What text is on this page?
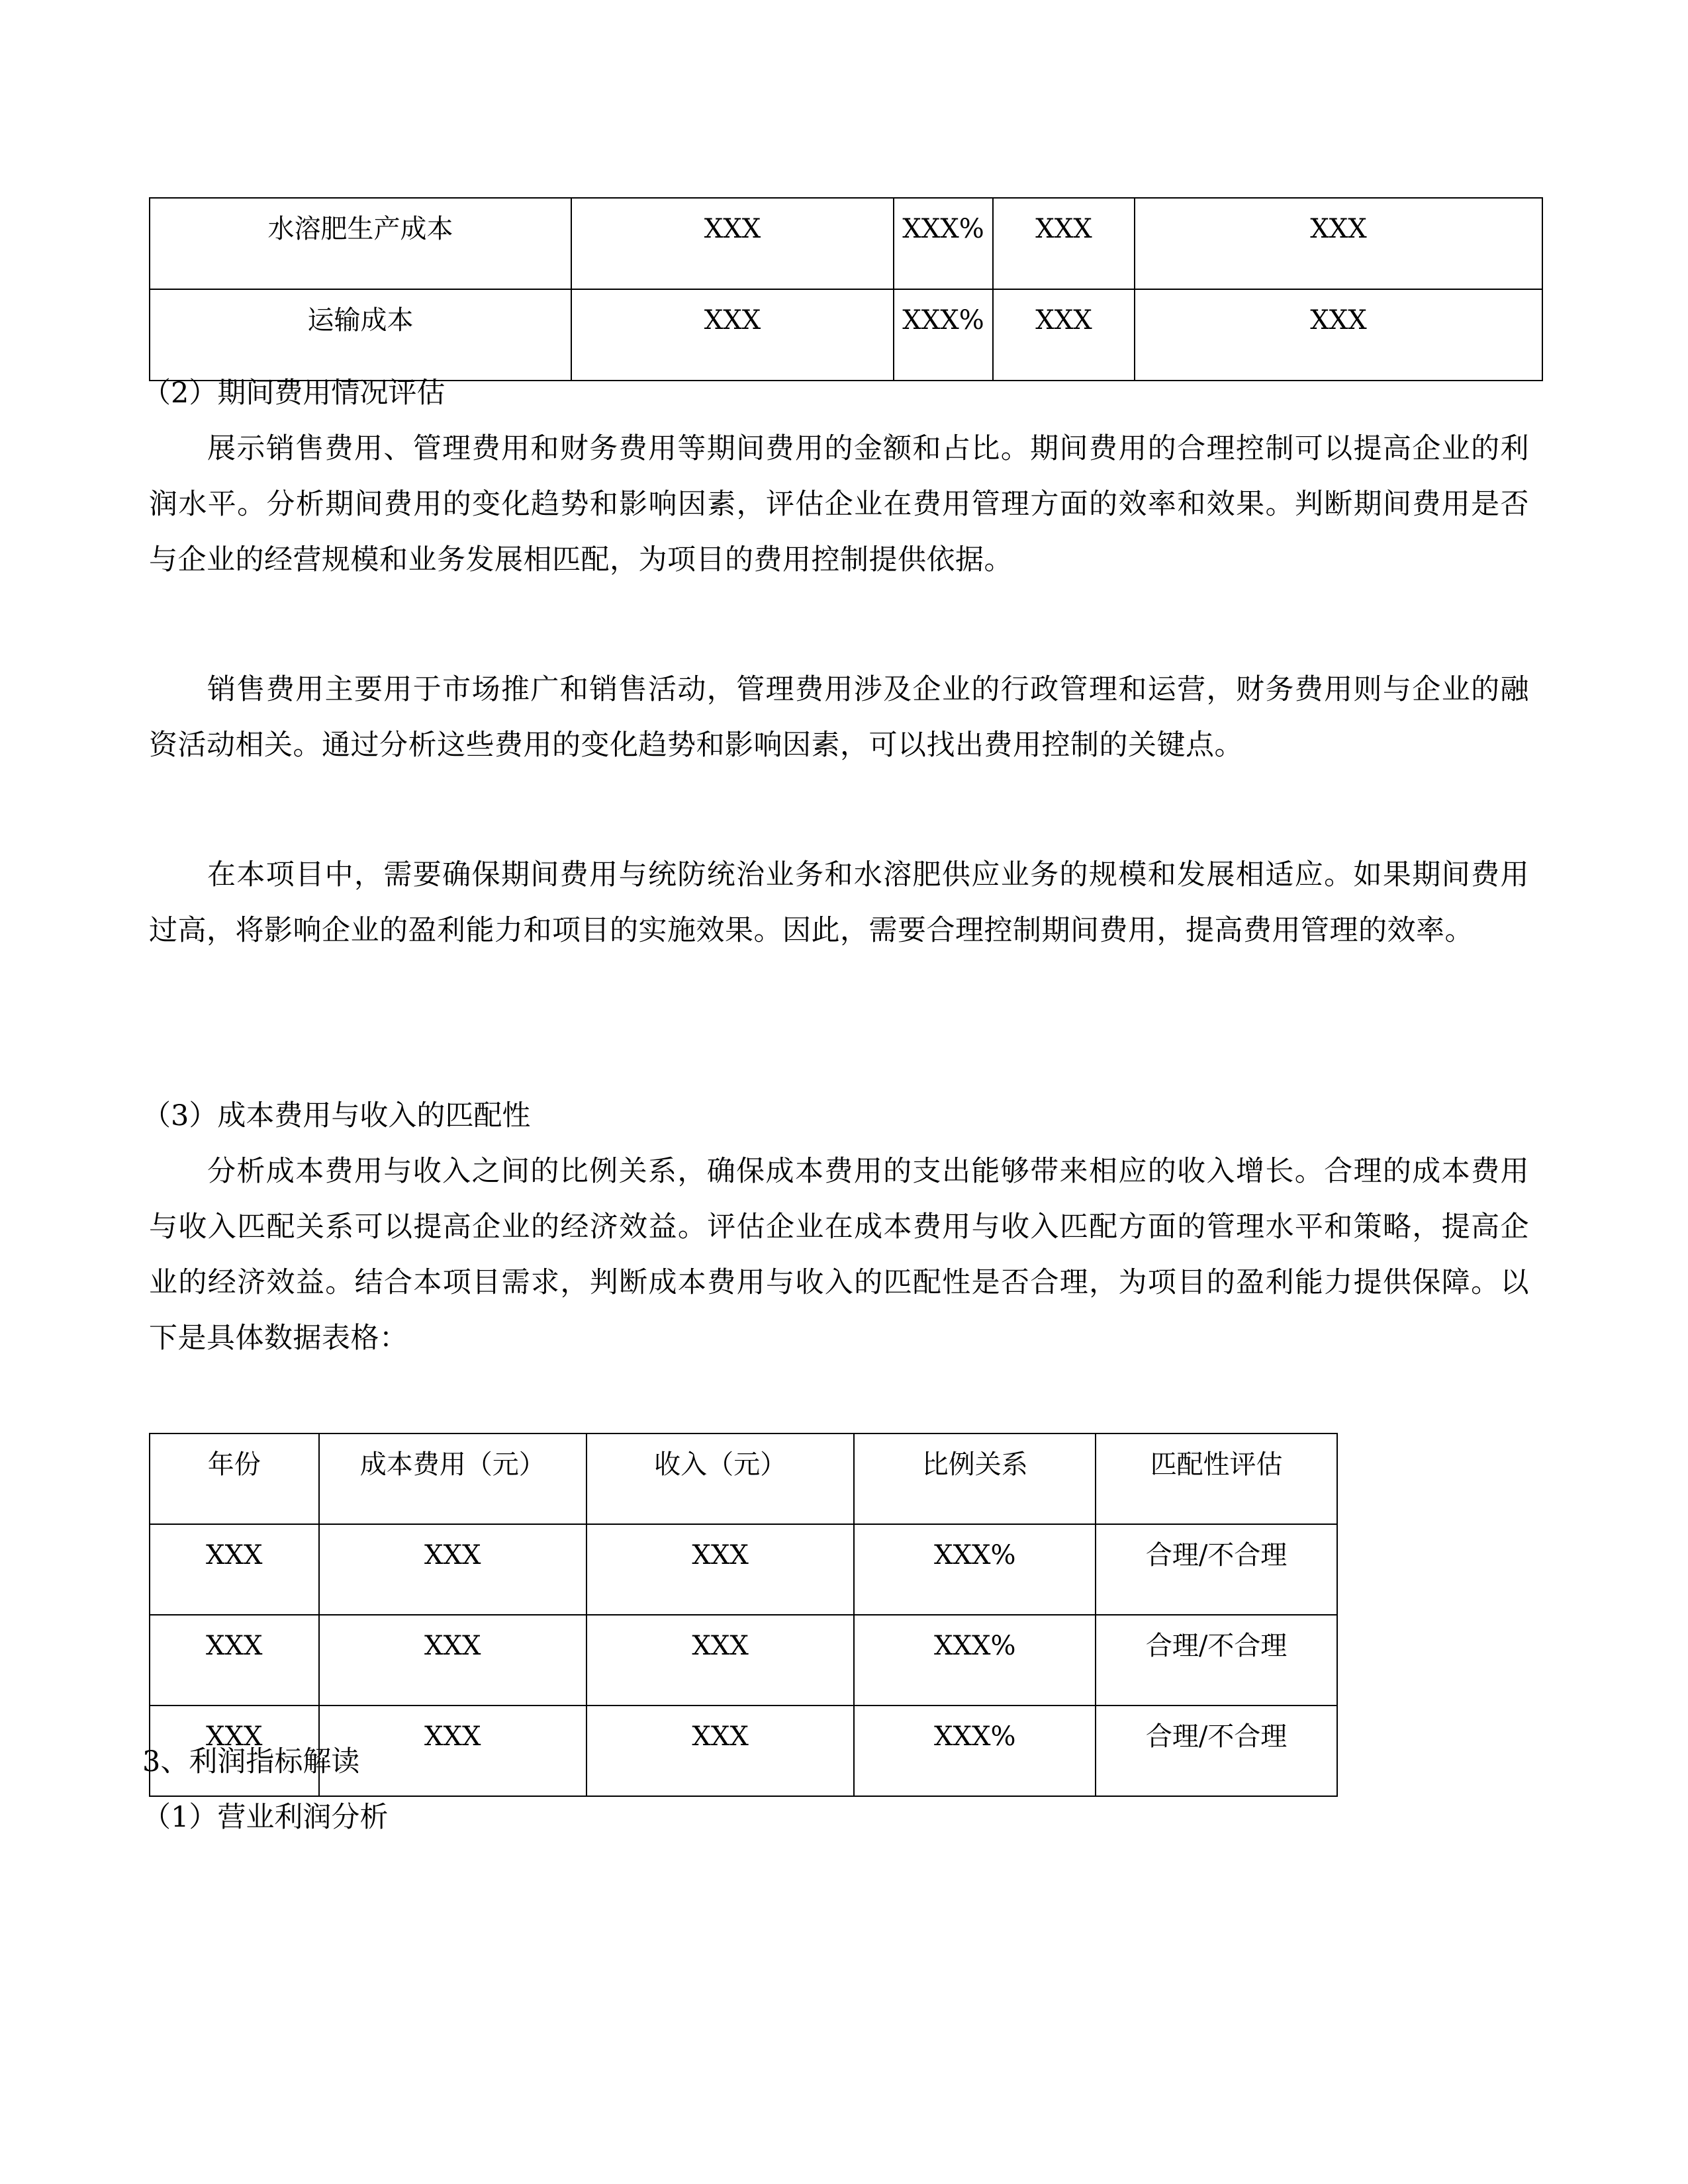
水溶肥生产成本	XXX	XXX%	XXX	XXX
运输成本	XXX	XXX%	XXX	XXX
（2）期间费用情况评估
展示销售费用、管理费用和财务费用等期间费用的金额和占比。期间费用的合理控制可以提高企业的利润水平。分析期间费用的变化趋势和影响因素，评估企业在费用管理方面的效率和效果。判断期间费用是否与企业的经营规模和业务发展相匹配，为项目的费用控制提供依据。
销售费用主要用于市场推广和销售活动，管理费用涉及企业的行政管理和运营，财务费用则与企业的融资活动相关。通过分析这些费用的变化趋势和影响因素，可以找出费用控制的关键点。
在本项目中，需要确保期间费用与统防统治业务和水溶肥供应业务的规模和发展相适应。如果期间费用过高，将影响企业的盈利能力和项目的实施效果。因此，需要合理控制期间费用，提高费用管理的效率。
（3）成本费用与收入的匹配性
分析成本费用与收入之间的比例关系，确保成本费用的支出能够带来相应的收入增长。合理的成本费用与收入匹配关系可以提高企业的经济效益。评估企业在成本费用与收入匹配方面的管理水平和策略，提高企业的经济效益。结合本项目需求，判断成本费用与收入的匹配性是否合理，为项目的盈利能力提供保障。以下是具体数据表格：
年份	成本费用（元）	收入（元）	比例关系	匹配性评估
XXX	XXX	XXX	XXX%	合理/不合理
XXX	XXX	XXX	XXX%	合理/不合理
XXX	XXX	XXX	XXX%	合理/不合理
3、利润指标解读
（1）营业利润分析
